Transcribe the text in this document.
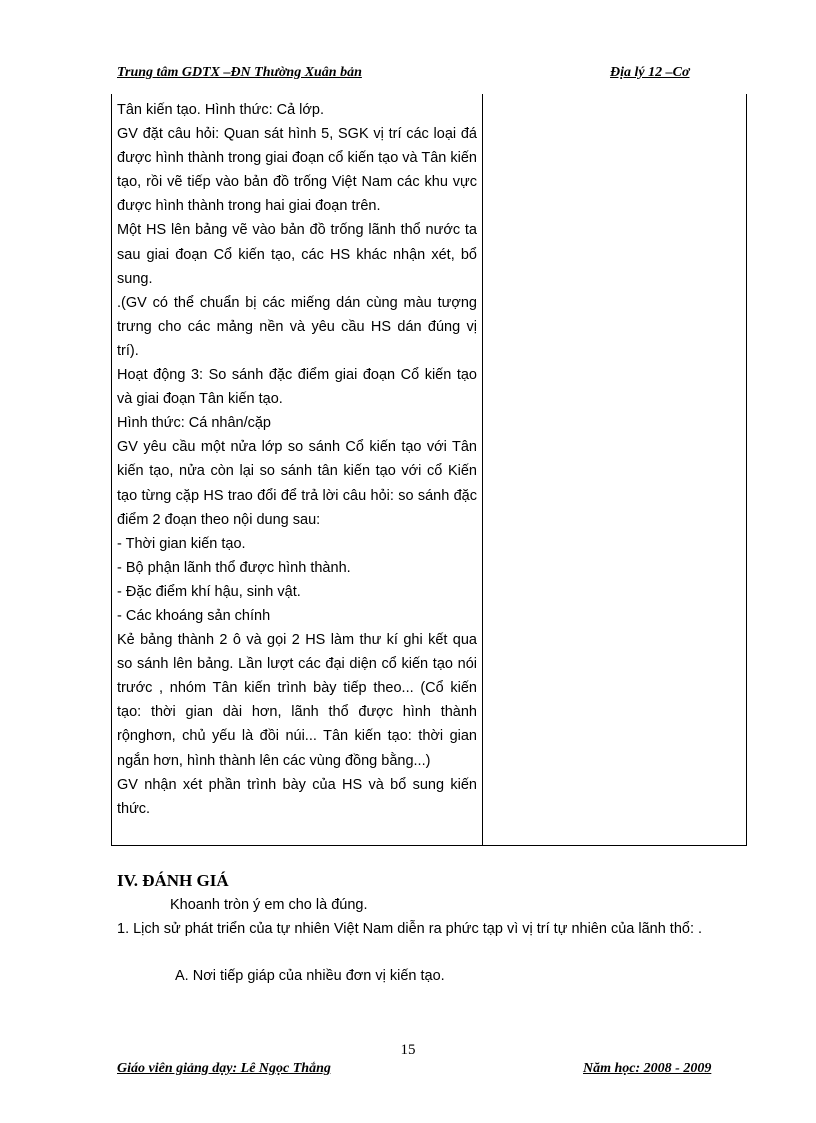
Trung tâm GDTX –ĐN Thường Xuân bản	Địa lý 12 –Cơ

Tân kiến tạo. Hình thức: Cả lớp.

GV đặt câu hỏi: Quan sát hình 5, SGK vị trí các loại đá được hình thành trong giai đoạn cổ kiến tạo và Tân kiến tạo, rồi vẽ tiếp vào bản đồ trống Việt Nam các khu vực được hình thành trong hai giai đoạn trên.

Một HS lên bảng vẽ vào bản đồ trống lãnh thổ nước ta sau giai đoạn Cổ kiến tạo, các HS khác nhận xét, bổ sung.

.(GV có thể chuẩn bị các miếng dán cùng màu tượng trưng cho các mảng nền và yêu cầu HS dán đúng vị trí).

Hoạt động 3: So sánh đặc điểm giai đoạn Cổ kiến tạo và giai đoạn Tân kiến tạo.

Hình thức: Cá nhân/cặp

GV yêu cầu một nửa lớp so sánh Cổ kiến tạo với Tân kiến tạo, nửa còn lại so sánh tân kiến tạo với cổ Kiến tạo từng cặp HS trao đổi để trả lời câu hỏi: so sánh đặc điểm 2 đoạn theo nội dung sau:

- Thời gian kiến tạo.

- Bộ phận lãnh thổ được hình thành.

- Đặc điểm khí hậu, sinh vật.

- Các khoáng sản chính

Kẻ bảng thành 2 ô và gọi 2 HS làm thư kí ghi kết qua so sánh lên bảng. Lần lượt các đại diện cổ kiến tạo nói trước , nhóm Tân kiến trình bày tiếp theo... (Cổ kiến tạo: thời gian dài hơn, lãnh thổ được hình thành rộnghơn, chủ yếu là đồi núi... Tân kiến tạo: thời gian ngắn hơn, hình thành lên các vùng đồng bằng...)

GV nhận xét phần trình bày của HS và bổ sung kiến thức.

IV. ĐÁNH GIÁ
Khoanh tròn ý em cho là đúng.
1. Lịch sử phát triển của tự nhiên Việt Nam diễn ra phức tạp vì vị trí tự nhiên của lãnh thổ: .
A. Nơi tiếp giáp của nhiều đơn vị kiến tạo.
15
Giáo viên giảng dạy: Lê Ngọc Thắng	Năm học: 2008 - 2009
